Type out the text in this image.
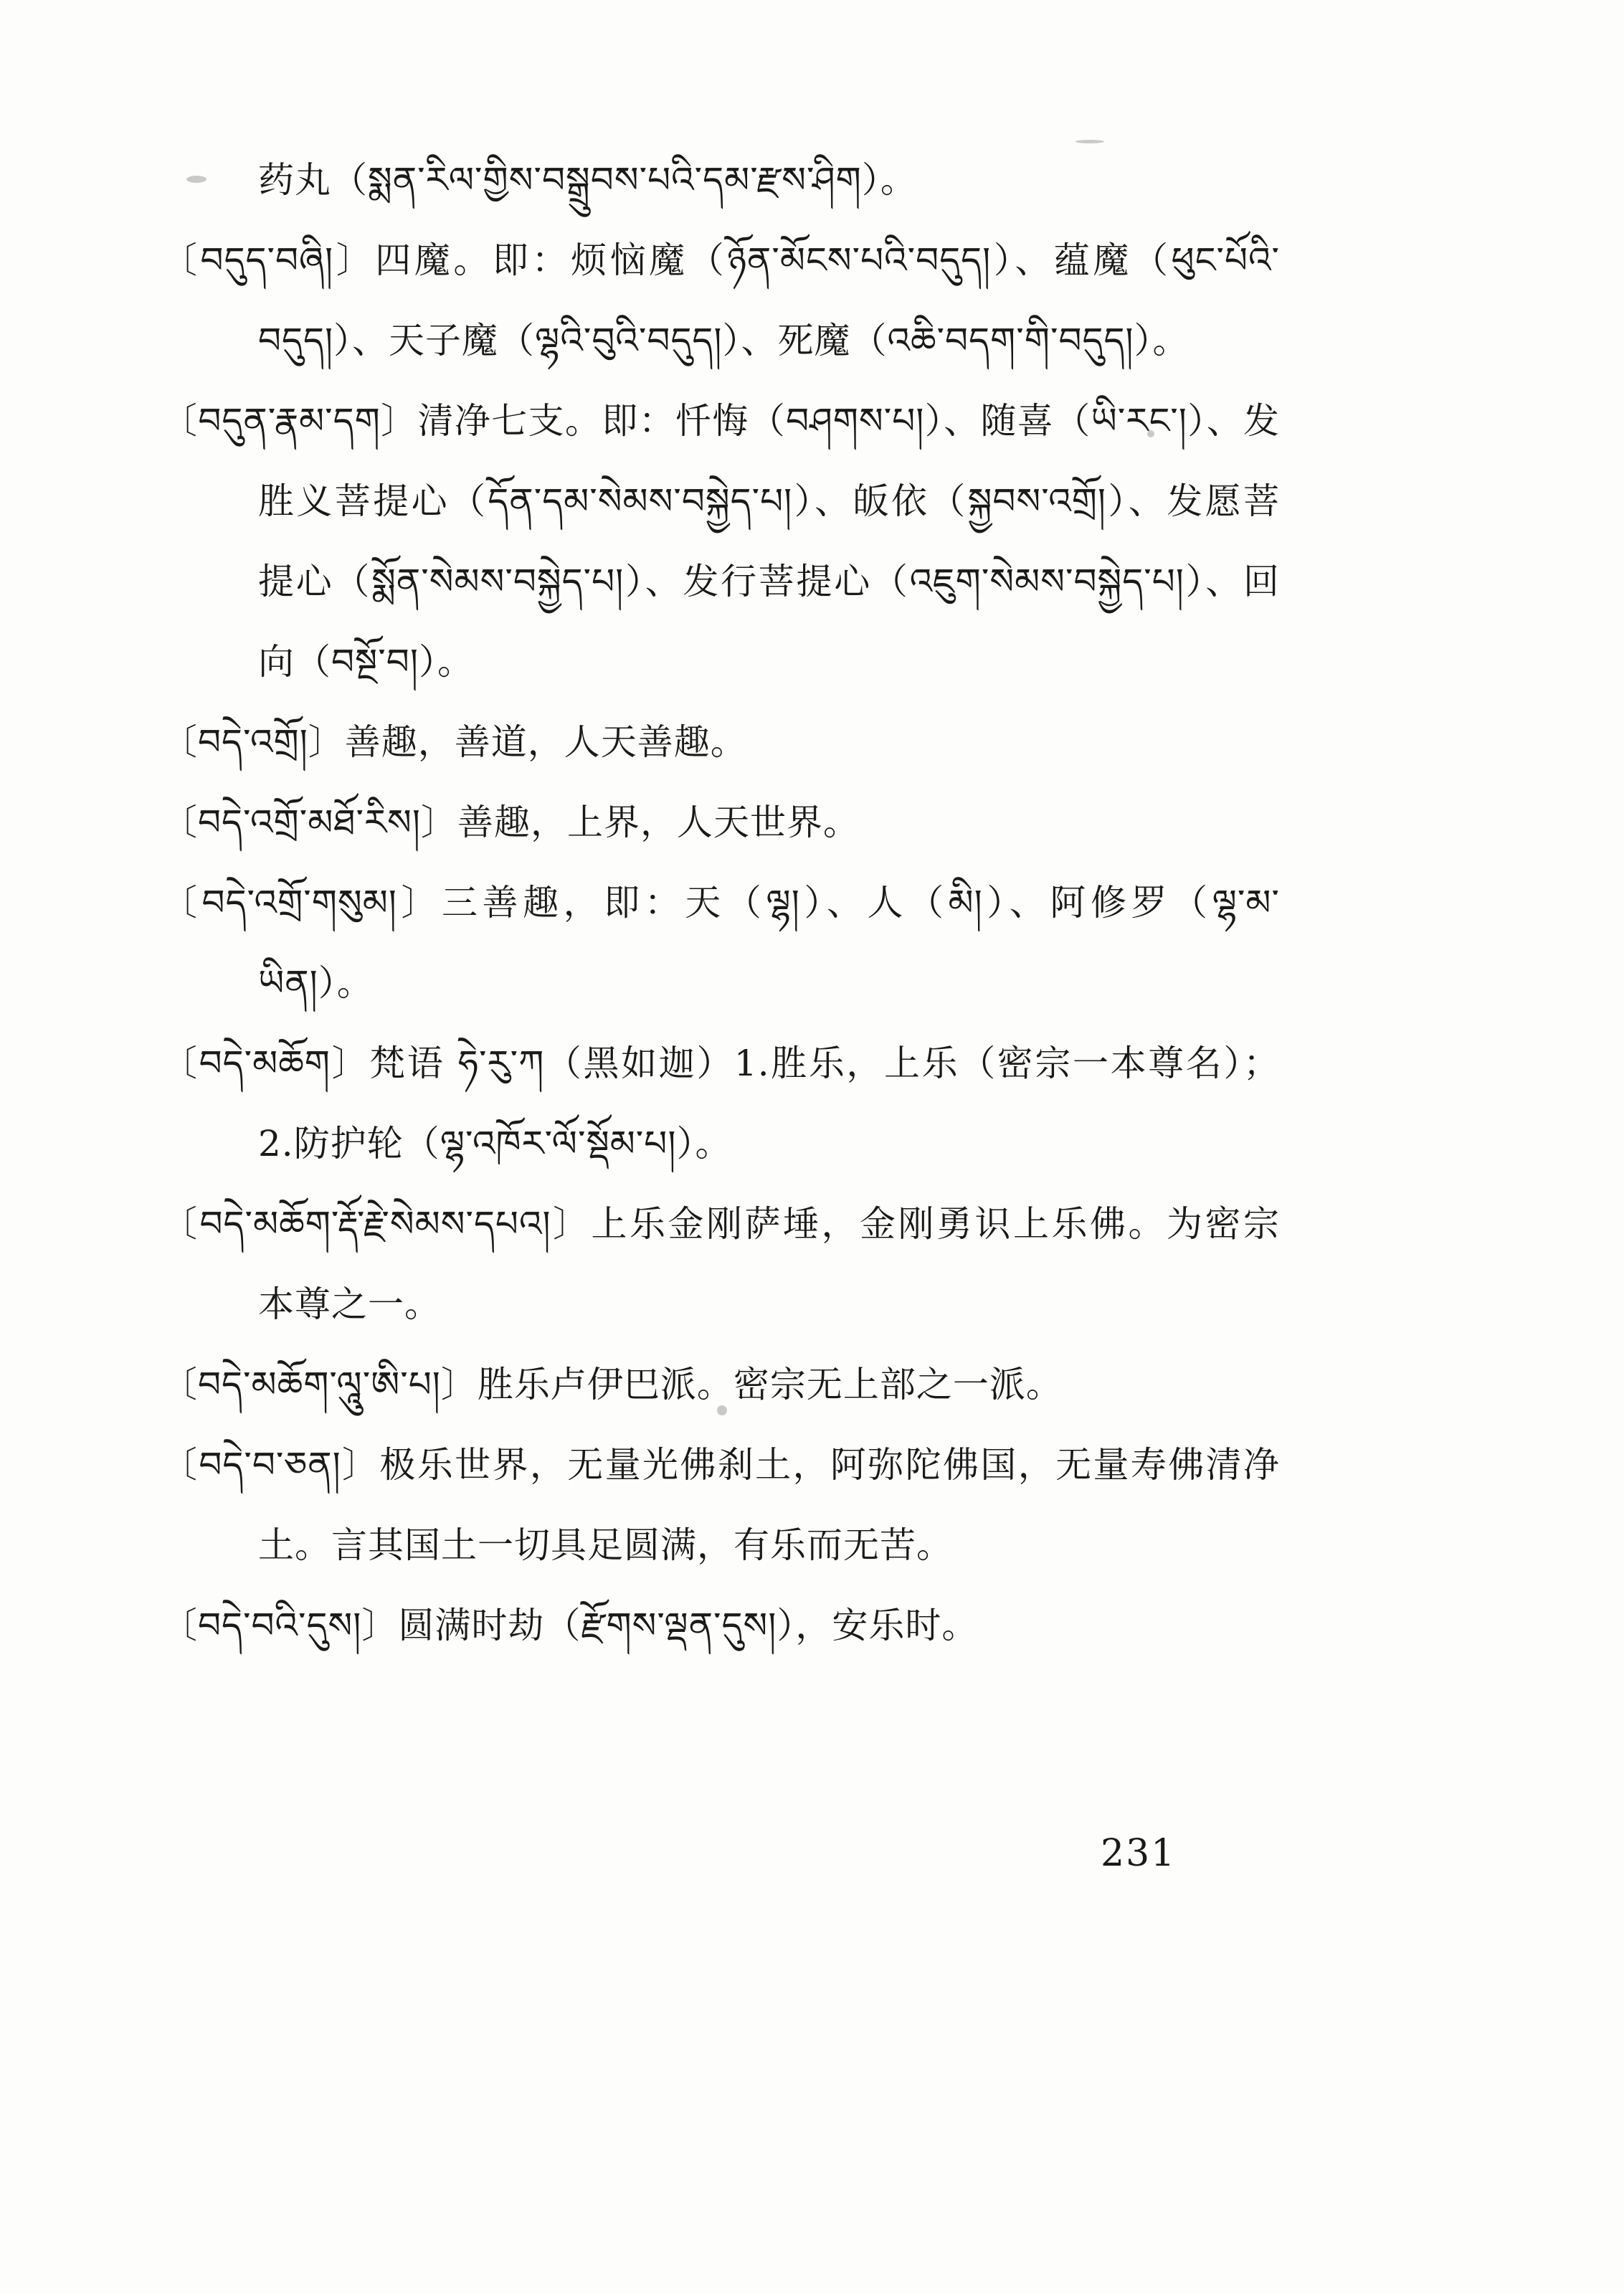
药丸（སྨན་རིལ་གྱིས་བསྒྲུབས་པའི་དམ་རྫས་ཤིག）。

〔བདུད་བཞི།〕四魔。即：烦恼魔（ཉོན་མོངས་པའི་བདུད།）、蕴魔（ཕུང་པོའི་བདུད།）、天子魔（ལྷའི་བུའི་བདུད།）、死魔（འཆི་བདག་གི་བདུད།）。

〔བདུན་རྣམ་དག〕清净七支。即：忏悔（བཤགས་པ།）、随喜（ཡི་རང་།）、发胜义菩提心（དོན་དམ་སེམས་བསྐྱེད་པ།）、皈依（སྐྱབས་འགྲོ།）、发愿菩提心（སྨོན་སེམས་བསྐྱེད་པ།）、发行菩提心（འཇུག་སེམས་བསྐྱེད་པ།）、回向（བསྔོ་བ།）。

〔བདེ་འགྲོ།〕善趣，善道，人天善趣。

〔བདེ་འགྲོ་མཐོ་རིས།〕善趣，上界，人天世界。

〔བདེ་འགྲོ་གསུམ།〕三善趣，即：天（ལྷ།）、人（མི།）、阿修罗（ལྷ་མ་ཡིན།）。

〔བདེ་མཆོག〕梵语 ཧེ་རུ་ཀ（黑如迦）1.胜乐，上乐（密宗一本尊名）；2.防护轮（ལྷ་འཁོར་ལོ་སྡོམ་པ།）。

〔བདེ་མཆོག་རྡོ་རྗེ་སེམས་དཔའ།〕上乐金刚萨埵，金刚勇识上乐佛。为密宗本尊之一。

〔བདེ་མཆོག་ལཱུ་ཨི་པ།〕胜乐卢伊巴派。密宗无上部之一派。

〔བདེ་བ་ཅན།〕极乐世界，无量光佛刹土，阿弥陀佛国，无量寿佛清净土。言其国土一切具足圆满，有乐而无苦。

〔བདེ་བའི་དུས།〕圆满时劫（རྫོགས་ལྡན་དུས།），安乐时。

231
